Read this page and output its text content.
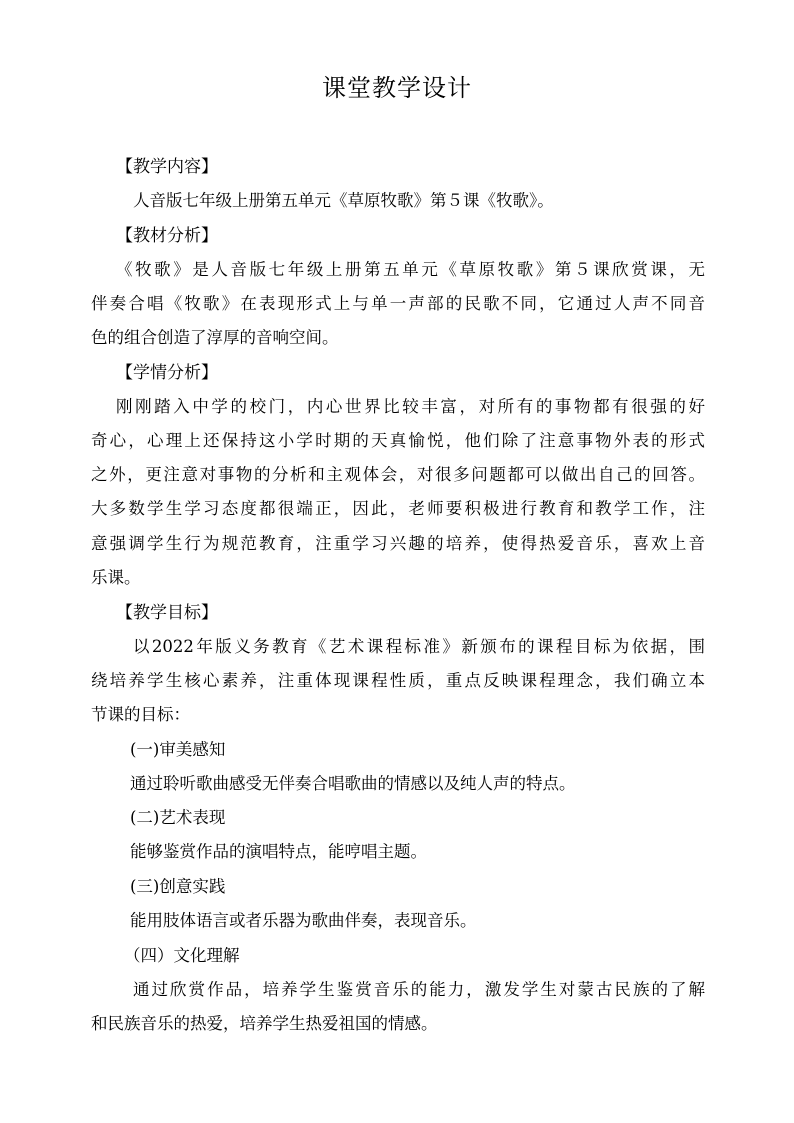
课堂教学设计
【教学内容】
人音版七年级上册第五单元《草原牧歌》第５课《牧歌》。
【教材分析】
《牧歌》是人音版七年级上册第五单元《草原牧歌》第５课欣赏课，无
伴奏合唱《牧歌》在表现形式上与单一声部的民歌不同，它通过人声不同音
色的组合创造了淳厚的音响空间。
【学情分析】
刚刚踏入中学的校门，内心世界比较丰富，对所有的事物都有很强的好
奇心，心理上还保持这小学时期的天真愉悦，他们除了注意事物外表的形式
之外，更注意对事物的分析和主观体会，对很多问题都可以做出自己的回答。
大多数学生学习态度都很端正，因此，老师要积极进行教育和教学工作，注
意强调学生行为规范教育，注重学习兴趣的培养，使得热爱音乐，喜欢上音
乐课。
【教学目标】
以2022年版义务教育《艺术课程标准》新颁布的课程目标为依据，围
绕培养学生核心素养，注重体现课程性质，重点反映课程理念，我们确立本
节课的目标：
(一)审美感知
通过聆听歌曲感受无伴奏合唱歌曲的情感以及纯人声的特点。
(二)艺术表现
能够鉴赏作品的演唱特点，能哼唱主题。
(三)创意实践
能用肢体语言或者乐器为歌曲伴奏，表现音乐。
（四）文化理解
通过欣赏作品，培养学生鉴赏音乐的能力，激发学生对蒙古民族的了解
和民族音乐的热爱，培养学生热爱祖国的情感。
